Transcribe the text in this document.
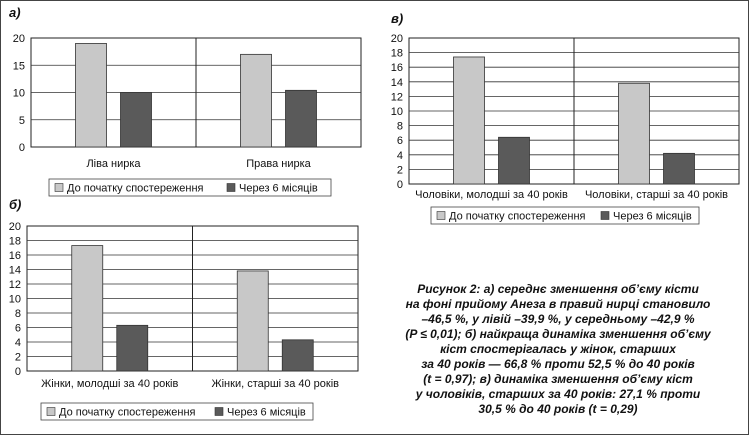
а)	в)
б)
0
5
10
15
20
Ліва нирка	Права нирка
До початку спостереження	Через 6 місяців	0
2
4
6
8
10
12
14
16
18
20
Чоловіки, молодші за 40 років Чоловіки, старші за 40 років
До початку спостереження Через 6 місяців
0
2
4
6
8
10
12
14
16
18
20
Жінки, молодші за 40 років	Жінки, старші за 40 років
До початку спостереження	Через 6 місяців
Рисунок 2: а) середнє зменшення об’єму кісти
на фоні прийому Анеза в правий нирці становило
–46,5 %, у лівій –39,9 %, у середньому –42,9 %
(P ≤ 0,01); б) найкраща динаміка зменшення об’єму
кіст спостерігалась у жінок, старших
за 40 років — 66,8 % проти 52,5 % до 40 років
(t = 0,97); в) динаміка зменшення об’єму кіст
у чоловіків, старших за 40 років: 27,1 % проти
30,5 % до 40 років (t = 0,29)
